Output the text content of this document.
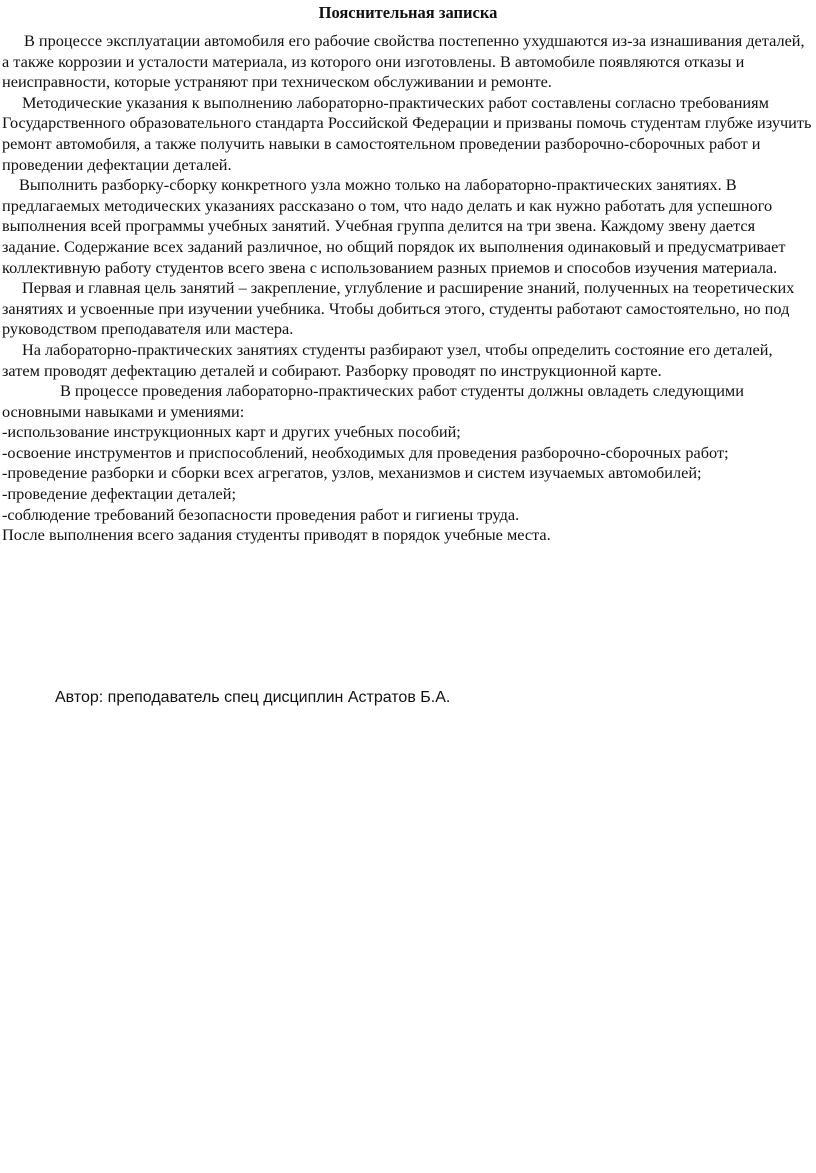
Пояснительная записка

В процессе эксплуатации автомобиля его рабочие свойства постепенно ухудшаются из-за изнашивания деталей, а также коррозии и усталости материала, из которого они изготовлены. В автомобиле появляются отказы и неисправности, которые устраняют при техническом обслуживании и ремонте.

Методические указания к выполнению лабораторно-практических работ составлены согласно требованиям Государственного образовательного стандарта Российской Федерации и призваны помочь студентам глубже изучить ремонт автомобиля, а также получить навыки в самостоятельном проведении разборочно-сборочных работ и проведении дефектации деталей.

Выполнить разборку-сборку конкретного узла можно только на лабораторно-практических занятиях. В предлагаемых методических указаниях рассказано о том, что надо делать и как нужно работать для успешного выполнения всей программы учебных занятий. Учебная группа делится на три звена. Каждому звену дается задание. Содержание всех заданий различное, но общий порядок их выполнения одинаковый и предусматривает коллективную работу студентов всего звена с использованием разных приемов и способов изучения материала.

Первая и главная цель занятий – закрепление, углубление и расширение знаний, полученных на теоретических занятиях и усвоенные при изучении учебника. Чтобы добиться этого, студенты работают самостоятельно, но под руководством преподавателя или мастера.

На лабораторно-практических занятиях студенты разбирают узел, чтобы определить состояние его деталей, затем проводят дефектацию деталей и собирают. Разборку проводят по инструкционной карте.

В процессе проведения лабораторно-практических работ студенты должны овладеть следующими основными навыками и умениями:

-использование инструкционных карт и других учебных пособий;

-освоение инструментов и приспособлений, необходимых для проведения разборочно-сборочных работ;

-проведение разборки и сборки всех агрегатов, узлов, механизмов и систем изучаемых автомобилей;

-проведение дефектации деталей;

-соблюдение требований безопасности проведения работ и гигиены труда.

После выполнения всего задания студенты приводят в порядок учебные места.

Автор: преподаватель спец дисциплин Астратов Б.А.
